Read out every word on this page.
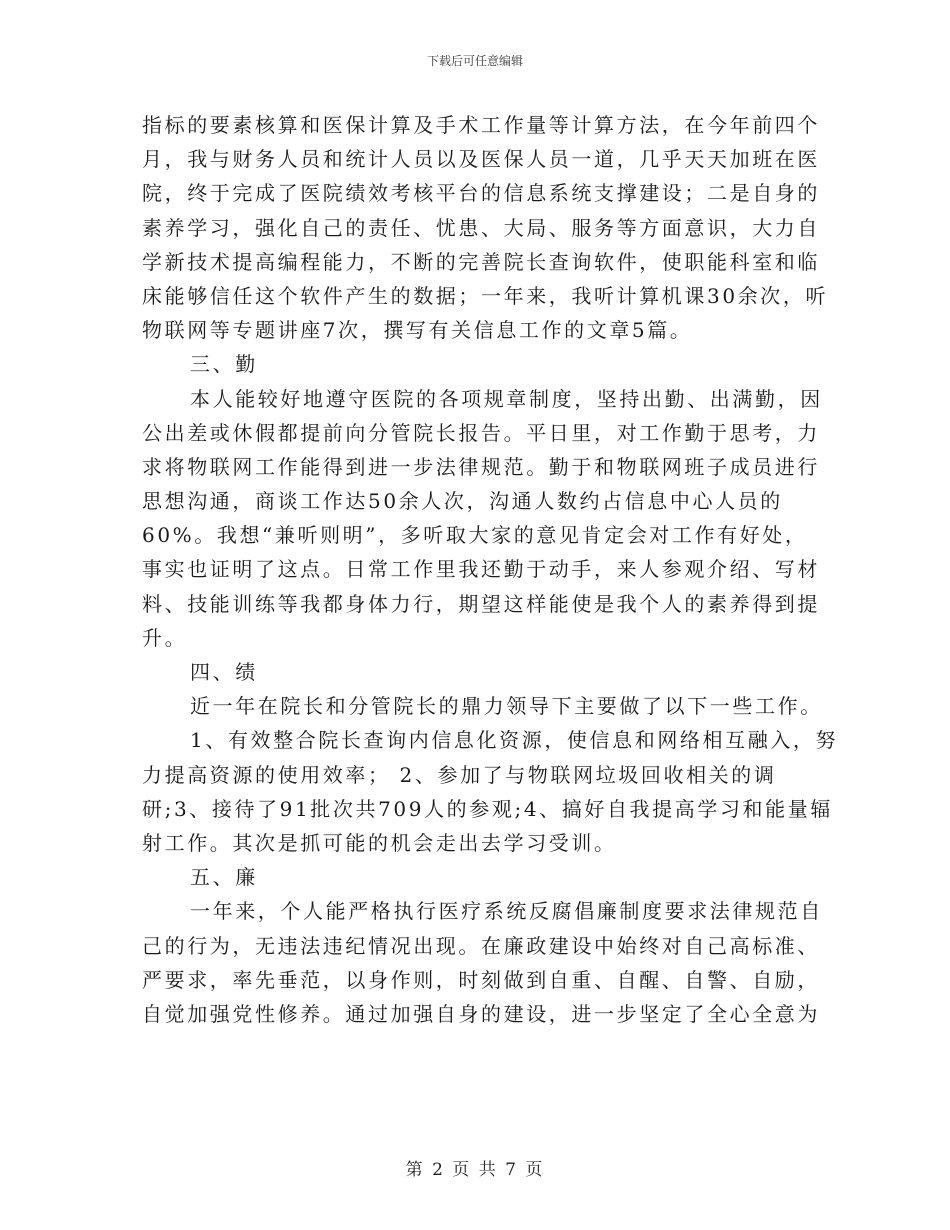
下载后可任意编辑
指标的要素核算和医保计算及手术工作量等计算方法，在今年前四个
月，我与财务人员和统计人员以及医保人员一道，几乎天天加班在医
院，终于完成了医院绩效考核平台的信息系统支撑建设；二是自身的
素养学习，强化自己的责任、忧患、大局、服务等方面意识，大力自
学新技术提高编程能力，不断的完善院长查询软件，使职能科室和临
床能够信任这个软件产生的数据；一年来，我听计算机课30余次，听
物联网等专题讲座7次，撰写有关信息工作的文章5篇。
三、勤
本人能较好地遵守医院的各项规章制度，坚持出勤、出满勤，因
公出差或休假都提前向分管院长报告。平日里，对工作勤于思考，力
求将物联网工作能得到进一步法律规范。勤于和物联网班子成员进行
思想沟通，商谈工作达50余人次，沟通人数约占信息中心人员的
60%。我想“兼听则明”，多听取大家的意见肯定会对工作有好处，
事实也证明了这点。日常工作里我还勤于动手，来人参观介绍、写材
料、技能训练等我都身体力行，期望这样能使是我个人的素养得到提
升。
四、绩
近一年在院长和分管院长的鼎力领导下主要做了以下一些工作。
1、有效整合院长查询内信息化资源，使信息和网络相互融入，努
力提高资源的使用效率； 2、参加了与物联网垃圾回收相关的调
研;3、接待了91批次共709人的参观;4、搞好自我提高学习和能量辐
射工作。其次是抓可能的机会走出去学习受训。
五、廉
一年来，个人能严格执行医疗系统反腐倡廉制度要求法律规范自
己的行为，无违法违纪情况出现。在廉政建设中始终对自己高标准、
严要求，率先垂范，以身作则，时刻做到自重、自醒、自警、自励，
自觉加强党性修养。通过加强自身的建设，进一步坚定了全心全意为
第 2 页 共 7 页
